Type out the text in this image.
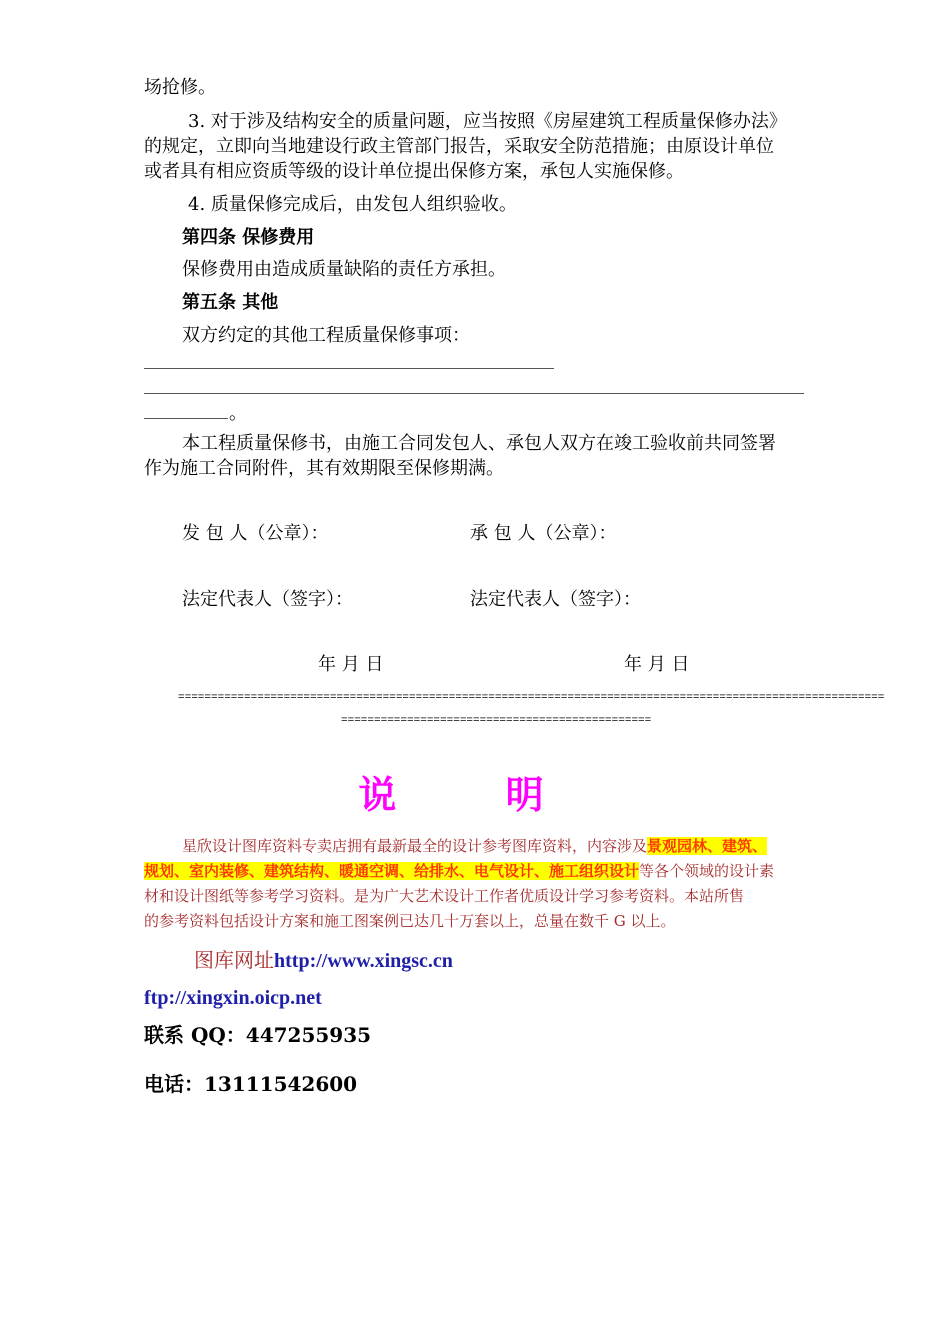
场抢修。
3. 对于涉及结构安全的质量问题，应当按照《房屋建筑工程质量保修办法》
的规定，立即向当地建设行政主管部门报告，采取安全防范措施；由原设计单位
或者具有相应资质等级的设计单位提出保修方案，承包人实施保修。
4. 质量保修完成后，由发包人组织验收。
第四条 保修费用
保修费用由造成质量缺陷的责任方承担。
第五条 其他
双方约定的其他工程质量保修事项：
。
本工程质量保修书，由施工合同发包人、承包人双方在竣工验收前共同签署
作为施工合同附件，其有效期限至保修期满。
发 包 人（公章）：	承 包 人（公章）：
法定代表人（签字）：	法定代表人（签字）：
年 月 日	年 月 日
===========================================================================================================
===============================================
说 明
星欣设计图库资料专卖店拥有最新最全的设计参考图库资料，内容涉及景观园林、建筑、
规划、室内装修、建筑结构、暖通空调、给排水、电气设计、施工组织设计等各个领域的设计素
材和设计图纸等参考学习资料。是为广大艺术设计工作者优质设计学习参考资料。本站所售
的参考资料包括设计方案和施工图案例已达几十万套以上，总量在数千 G 以上。
图库网址http://www.xingsc.cn
ftp://xingxin.oicp.net
联系 QQ：447255935
电话：13111542600
